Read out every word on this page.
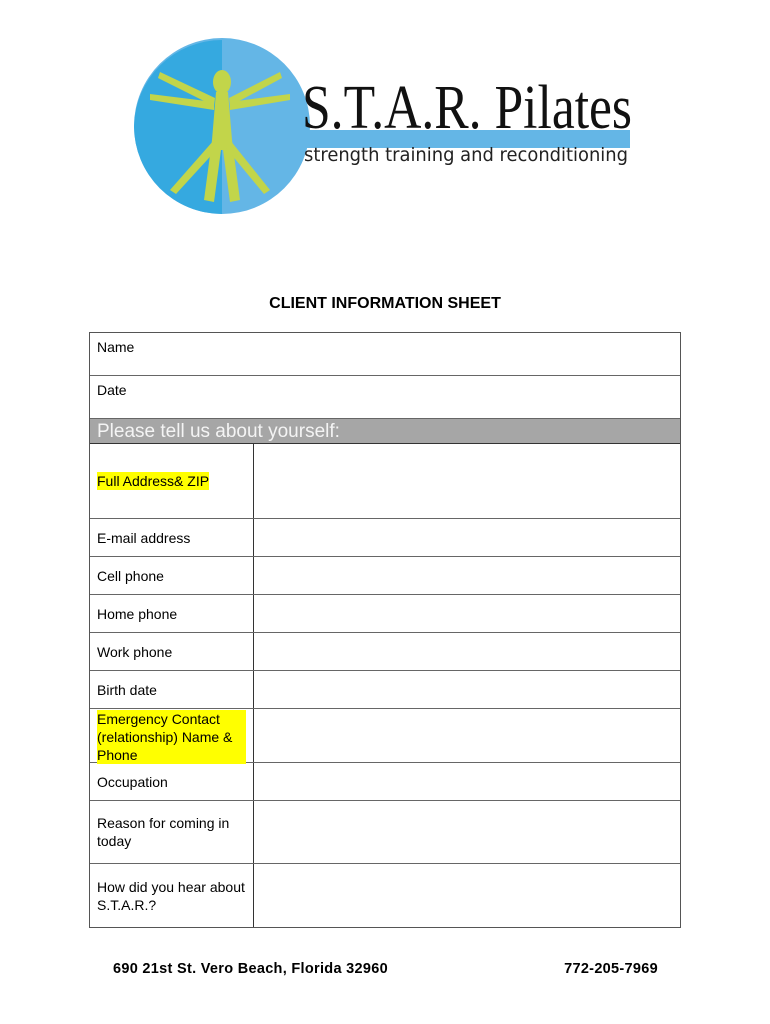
S.T.A.R. Pilates
strength training and reconditioning
CLIENT INFORMATION SHEET
Name
Date
Please tell us about yourself:
Full Address& ZIP
E-mail address
Cell phone
Home phone
Work phone
Birth date
Emergency Contact (relationship) Name & Phone
Occupation
Reason for coming in today
How did you hear about S.T.A.R.?
690 21st St. Vero Beach, Florida 32960	772-205-7969
